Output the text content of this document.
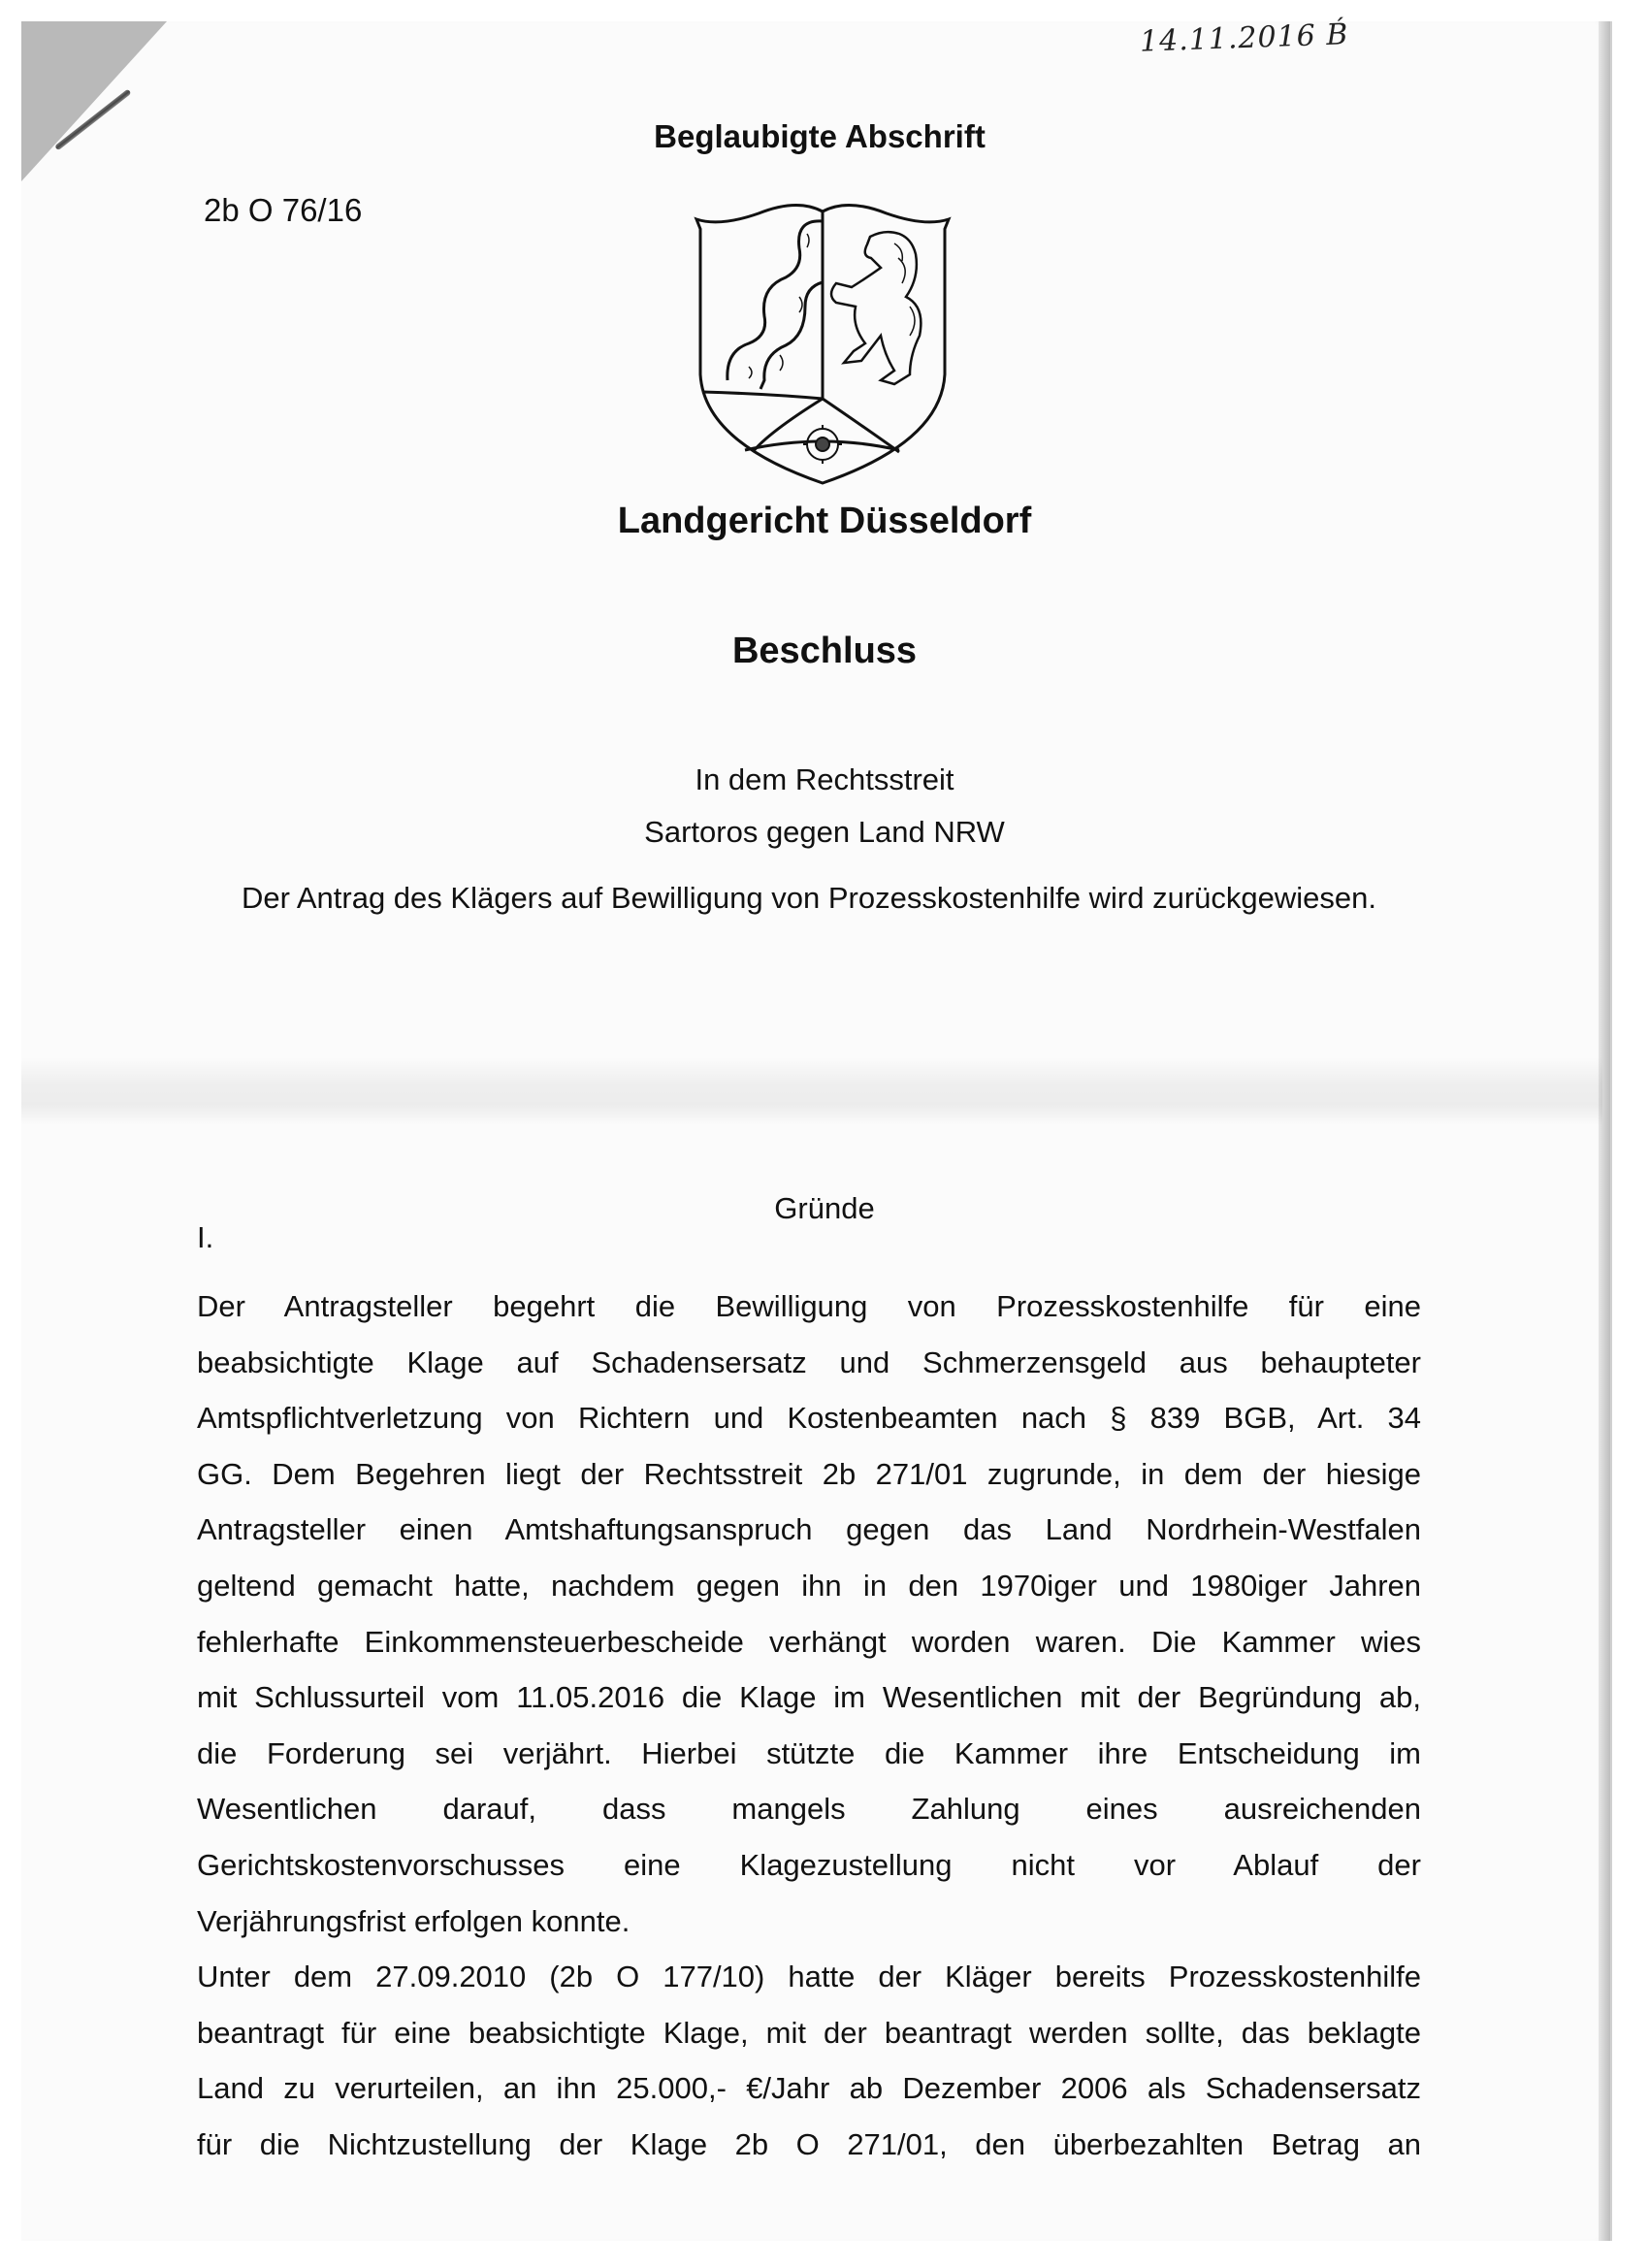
14.11.2016 B́
2b O 76/16
Beglaubigte Abschrift
Landgericht Düsseldorf
Beschluss
In dem Rechtsstreit
Sartoros gegen Land NRW
Der Antrag des Klägers auf Bewilligung von Prozesskostenhilfe wird zurückgewiesen.
Gründe
I.
Der Antragsteller begehrt die Bewilligung von Prozesskostenhilfe für eine
beabsichtigte Klage auf Schadensersatz und Schmerzensgeld aus behaupteter
Amtspflichtverletzung von Richtern und Kostenbeamten nach § 839 BGB, Art. 34
GG. Dem Begehren liegt der Rechtsstreit 2b 271/01 zugrunde, in dem der hiesige
Antragsteller einen Amtshaftungsanspruch gegen das Land Nordrhein-Westfalen
geltend gemacht hatte, nachdem gegen ihn in den 1970iger und 1980iger Jahren
fehlerhafte Einkommensteuerbescheide verhängt worden waren. Die Kammer wies
mit Schlussurteil vom 11.05.2016 die Klage im Wesentlichen mit der Begründung ab,
die Forderung sei verjährt. Hierbei stützte die Kammer ihre Entscheidung im
Wesentlichen darauf, dass mangels Zahlung eines ausreichenden
Gerichtskostenvorschusses eine Klagezustellung nicht vor Ablauf der
Verjährungsfrist erfolgen konnte.
Unter dem 27.09.2010 (2b O 177/10) hatte der Kläger bereits Prozesskostenhilfe
beantragt für eine beabsichtigte Klage, mit der beantragt werden sollte, das beklagte
Land zu verurteilen, an ihn 25.000,- €/Jahr ab Dezember 2006 als Schadensersatz
für die Nichtzustellung der Klage 2b O 271/01, den überbezahlten Betrag an
